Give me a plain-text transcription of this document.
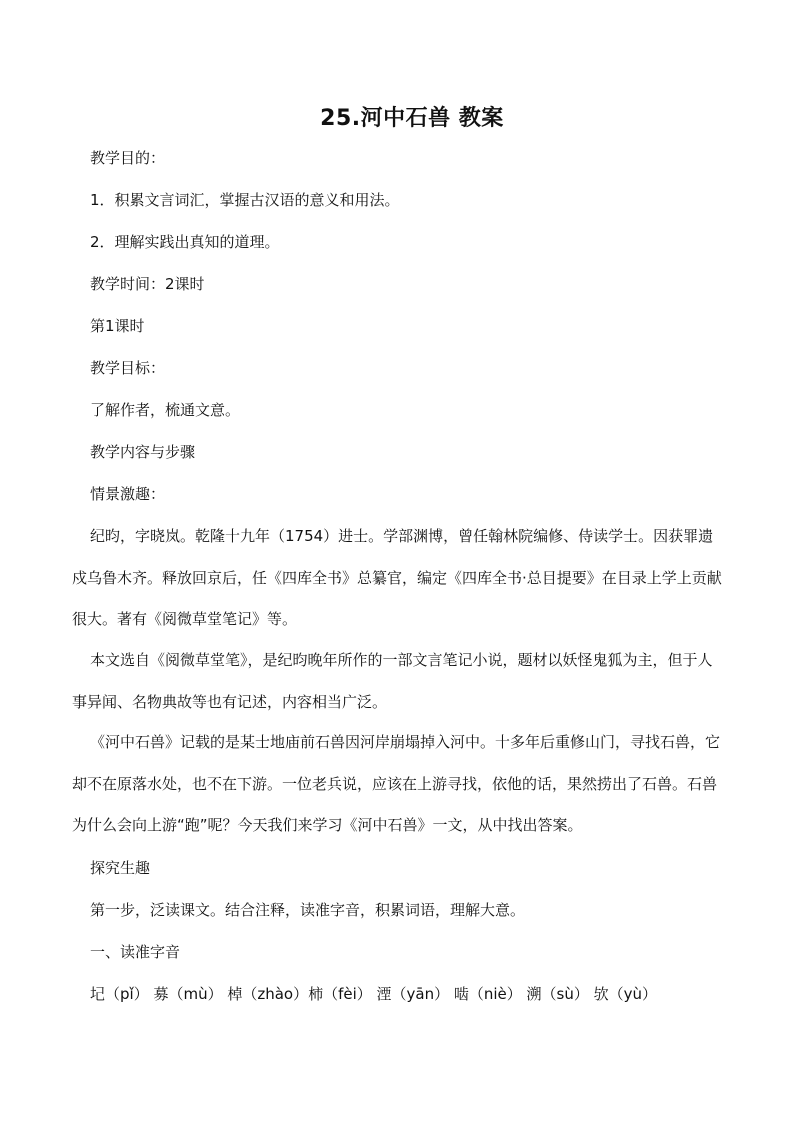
25.河中石兽 教案

教学目的：

1．积累文言词汇，掌握古汉语的意义和用法。

2．理解实践出真知的道理。

教学时间：2课时

第1课时

教学目标：

了解作者，梳通文意。

教学内容与步骤

情景激趣：

纪昀，字晓岚。乾隆十九年（1754）进士。学部渊博，曾任翰林院编修、侍读学士。因获罪遗戍乌鲁木齐。释放回京后，任《四库全书》总纂官，编定《四库全书·总目提要》在目录上学上贡献很大。著有《阅微草堂笔记》等。

本文选自《阅微草堂笔》，是纪昀晚年所作的一部文言笔记小说，题材以妖怪鬼狐为主，但于人事异闻、名物典故等也有记述，内容相当广泛。

《河中石兽》记载的是某士地庙前石兽因河岸崩塌掉入河中。十多年后重修山门，寻找石兽，它却不在原落水处，也不在下游。一位老兵说，应该在上游寻找，依他的话，果然捞出了石兽。石兽为什么会向上游“跑”呢？今天我们来学习《河中石兽》一文，从中找出答案。

探究生趣

第一步，泛读课文。结合注释，读准字音，积累词语，理解大意。

一、读准字音

圮（pǐ） 募（mù） 棹（zhào）柿（fèi） 湮（yān） 啮（niè） 溯（sù） 欤（yù）
